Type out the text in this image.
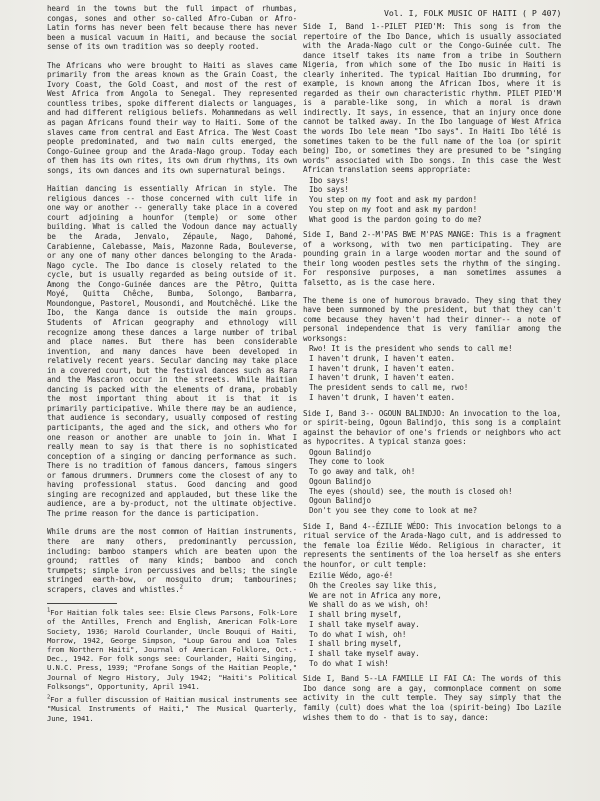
Vol. I, FOLK MUSIC OF HAITI ( P 407)

heard in the towns but the full impact of rhumbas, congas, sones and other so-called Afro-Cuban or Afro-Latin forms has never been felt because there has never been a musical vacuum in Haiti, and because the social sense of its own tradition was so deeply rooted.

The Africans who were brought to Haiti as slaves came primarily from the areas known as the Grain Coast, the Ivory Coast, the Gold Coast, and most of the rest of West Africa from Angola to Senegal. They represented countless tribes, spoke different dialects or languages, and had different religious beliefs. Mohammedans as well as pagan Africans found their way to Haiti. Some of the slaves came from central and East Africa. The West Coast people predominated, and two main cults emerged, the Congo-Guinee group and the Arada-Nago group. Today each of them has its own rites, its own drum rhythms, its own songs, its own dances and its own supernatural beings.

Haitian dancing is essentially African in style. The religious dances -- those concerned with cult life in one way or another -- generally take place in a covered court adjoining a hounfor (temple) or some other building. What is called the Vodoun dance may actually be the Arada, Jenvalo, Zépaule, Nago, Dahomé, Carabienne, Calebasse, Mais, Mazonne Rada, Bouleverse, or any one of many other dances belonging to the Arada-Nago cycle. The Ibo dance is closely related to the cycle, but is usually regarded as being outside of it. Among the Congo-Guinée dances are the Pêtro, Quitta Moyé, Quitta Chêche, Bumba, Solongo, Bambarra, Moundongue, Pastorel, Mousondi, and Moutchêché. Like the Ibo, the Kanga dance is outside the main groups. Students of African geography and ethnology will recognize among these dances a large number of tribal and place names. But there has been considerable invention, and many dances have been developed in relatively recent years. Secular dancing may take place in a covered court, but the festival dances such as Rara and the Mascaron occur in the streets. While Haitian dancing is packed with the elements of drama, probably the most important thing about it is that it is primarily participative. While there may be an audience, that audience is secondary, usually composed of resting participants, the aged and the sick, and others who for one reason or another are unable to join in. What I really mean to say is that there is no sophisticated conception of a singing or dancing performance as such. There is no tradition of famous dancers, famous singers or famous drummers. Drummers come the closest of any to having professional status. Good dancing and good singing are recognized and applauded, but these like the audience, are a by-product, not the ultimate objective. The prime reason for the dance is participation.

While drums are the most common of Haitian instruments, there are many others, predominantly percussion, including: bamboo stampers which are beaten upon the ground; rattles of many kinds; bamboo and conch trumpets; simple iron percussives and bells; the single stringed earth-bow, or mosquito drum; tambourines; scrapers, claves and whistles.$^2$

$^1$For Haitian folk tales see: Elsie Clews Parsons, Folk-Lore of the Antilles, French and English, American Folk-Lore Society, 1936; Harold Courlander, Uncle Bouqui of Haiti, Morrow, 1942, George Simpson, "Loup Garou and Loa Tales from Northern Haiti", Journal of American Folklore, Oct.-Dec., 1942. For folk songs see: Courlander, Haiti Singing, U.N.C. Press, 1939; "Profane Songs of the Haitian People," Journal of Negro History, July 1942; "Haiti's Political Folksongs", Opportunity, April 1941.

$^2$For a fuller discussion of Haitian musical instruments see "Musical Instruments of Haiti," The Musical Quarterly, June, 1941.

Side I, Band 1--PILET PIED'M: This song is from the repertoire of the Ibo Dance, which is usually associated with the Arada-Nago cult or the Congo-Guinée cult. The dance itself takes its name from a tribe in Southern Nigeria, from which some of the Ibo music in Haiti is clearly inherited. The typical Haitian Ibo drumming, for example, is known among the African Ibos, where it is regarded as their own characteristic rhythm. PILET PIED'M is a parable-like song, in which a moral is drawn indirectly. It says, in essence, that an injury once done cannot be talked away. In the Ibo language of West Africa the words Ibo lele mean "Ibo says". In Haiti Ibo lélé is sometimes taken to be the full name of the loa (or spirit being) Ibo, or sometimes they are presumed to be "singing words" associated with Ibo songs. In this case the West African translation seems appropriate:

Ibo says!
Ibo says!
You step on my foot and ask my pardon!
You step on my foot and ask my pardon!
What good is the pardon going to do me?

Side I, Band 2--M'PAS BWE M'PAS MANGE: This is a fragment of a worksong, with two men participating. They are pounding grain in a large wooden mortar and the sound of their long wooden pestles sets the rhythm of the singing. For responsive purposes, a man sometimes assumes a falsetto, as is the case here.

The theme is one of humorous bravado. They sing that they have been summoned by the president, but that they can't come because they haven't had their dinner-- a note of personal independence that is very familiar among the worksongs:

Rwo! It is the president who sends to call me!
I haven't drunk, I haven't eaten.
I haven't drunk, I haven't eaten.
I haven't drunk, I haven't eaten.
The president sends to call me, rwo!
I haven't drunk, I haven't eaten.

Side I, Band 3-- OGOUN BALINDJO: An invocation to the loa, or spirit-being, Ogoun Balindjo, this song is a complaint against the behavior of one's friends or neighbors who act as hypocrites. A typical stanza goes:

Ogoun Balindjo
They come to look
To go away and talk, oh!
Ogoun Balindjo
The eyes (should) see, the mouth is closed oh!
Ogoun Balindjo
Don't you see they come to look at me?

Side I, Band 4--ÉZILIE WÉDO: This invocation belongs to a ritual service of the Arada-Nago cult, and is addressed to the female loa Ézilie Wédo. Religious in character, it represents the sentiments of the loa herself as she enters the hounfor, or cult temple:

Ezilie Wédo, ago-é!
Oh the Creoles say like this,
We are not in Africa any more,
We shall do as we wish, oh!
I shall bring myself,
I shall take myself away.
To do what I wish, oh!
I shall bring myself,
I shall take myself away.
To do what I wish!

Side I, Band 5--LA FAMILLE LI FAI CA: The words of this Ibo dance song are a gay, commonplace comment on some activity in the cult temple. They say simply that the family (cult) does what the loa (spirit-being) Ibo Lazile wishes them to do - that is to say, dance:
